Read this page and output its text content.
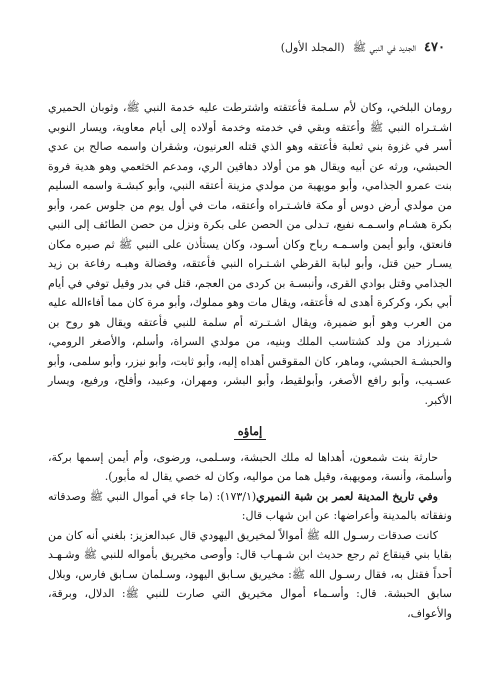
٤٧٠
الجديد في النبي ﷺ
(المجلد الأول)

رومان البلخي، وكان لأم سـلمة فأعتقته واشترطت عليه خدمة النبي ﷺ، وثوبان الحميري اشـتـراه النبي ﷺ وأعتقه وبقي في خدمته وخدمة أولاده إلى أيام معاوية، ويسار النوبي أسر في غزوة بني ثعلبة فأعتقه وهو الذي قتله العرنيون، وشقران واسمه صالح بن عدي الحبشي، ورثه عن أبيه ويقال هو من أولاد دهاقين الري، ومدعم الخثعمي وهو هدية فروة بنت عمرو الجذامي، وأبو مويهبة من مولدي مزينة أعتقه النبي، وأبو كبشـة واسمه السليم من مولدي أرض دوس أو مكة فاشـتـراه وأعتقه، مات في أول يوم من جلوس عمر، وأبو بكرة هشـام واسـمـه نفيع، تـدلى من الحصن على بكرة ونزل من حصن الطائف إلى النبي فانعتق، وأبو أيمن واسـمـه رباح وكان أسـود، وكان يستأذن على النبي ﷺ ثم صيره مكان يسـار حين قتل، وأبو لبابة القرظي اشـتـراه النبي فأعتقه، وفضالة وهبـه رفاعة بن زيد الجذامي وقتل بوادي القرى، وأنبسـة بن كردى من العجم، قتل في بدر وقيل توفي في أيام أبي بكر، وكركرة أهدى له فأعتقه، ويقال مات وهو مملوك، وأبو مرة كان مما أفاءالله عليه من العرب وهو أبو ضميرة، ويقال اشـتـرته أم سلمة للنبي فأعتقه ويقال هو روح بن شـيرزاد من ولد كشتاسب الملك وبنيه، من مولدي السراة، وأسلم، والأصغر الرومي، والحبشـة الحبشي، وماهر، كان المقوقس أهداه إليه، وأبو ثابت، وأبو نيزر، وأبو سلمى، وأبو عسـيب، وأبو رافع الأصغر، وأبولقيط، وأبو البشر، ومهران، وعبيد، وأفلح، ورفيع، ويسار الأكبر.

إماؤه

حارثة بنت شمعون، أهداها له ملك الحبشة، وسـلمى، ورضوى، وأم أيمن إسمها بركة، وأسلمة، وأنسة، ومويهبة، وقيل هما من مواليه، وكان له خصي يقال له مأبور).

وفي تاريخ المدينة لعمر بن شبة النميري(١٧٣/١): (ما جاء في أموال النبي ﷺ وصدقاته ونفقاته بالمدينة وأعراضها: عن ابن شهاب قال:

كانت صدقات رسـول الله ﷺ أموالاً لمخيريق اليهودي قال عبدالعزيز: بلغني أنه كان من بقايا بني قينقاع ثم رجع حديث ابن شـهـاب قال: وأوصى مخيريق بأمواله للنبي ﷺ وشـهـد أحداً فقتل به، فقال رسـول الله ﷺ: مخيريق سـابق اليهود، وسـلمان سـابق فارس، وبلال سابق الحبشة. قال: وأسـماء أموال مخيريق التي صارت للنبي ﷺ: الدلال، وبرقة، والأعواف،
